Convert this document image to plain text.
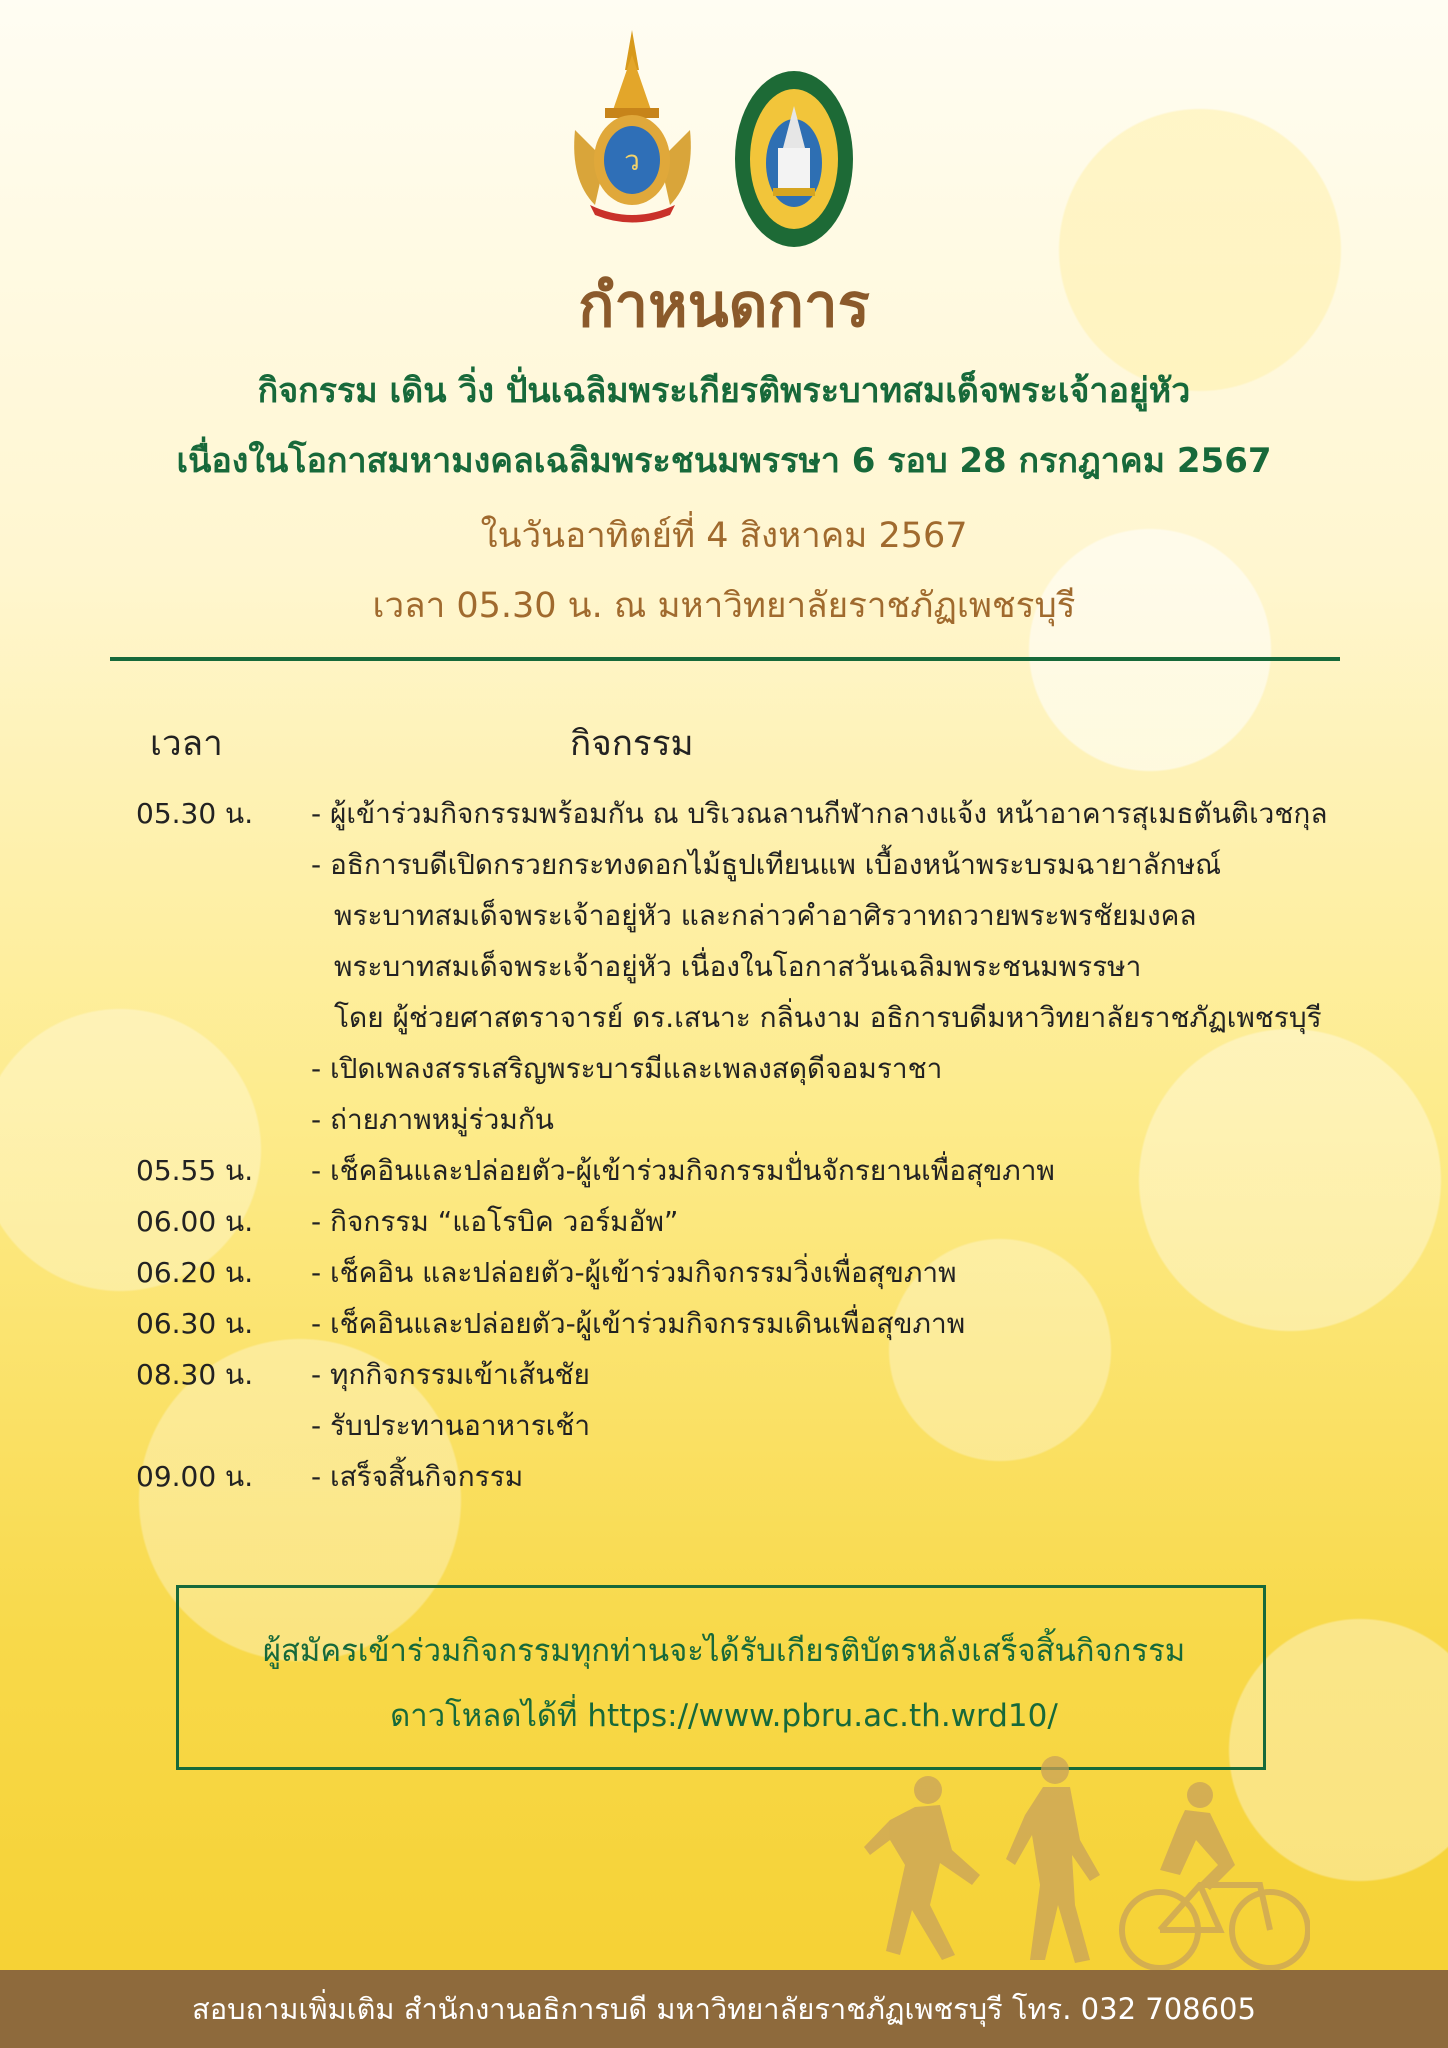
ว
กำหนดการ
กิจกรรม เดิน วิ่ง ปั่นเฉลิมพระเกียรติพระบาทสมเด็จพระเจ้าอยู่หัว
เนื่องในโอกาสมหามงคลเฉลิมพระชนมพรรษา 6 รอบ 28 กรกฎาคม 2567
ในวันอาทิตย์ที่ 4 สิงหาคม 2567
เวลา 05.30 น. ณ มหาวิทยาลัยราชภัฏเพชรบุรี
เวลา	กิจกรรม
05.30 น. - ผู้เข้าร่วมกิจกรรมพร้อมกัน ณ บริเวณลานกีฬากลางแจ้ง หน้าอาคารสุเมธตันติเวชกุล
- อธิการบดีเปิดกรวยกระทงดอกไม้ธูปเทียนแพ เบื้องหน้าพระบรมฉายาลักษณ์
พระบาทสมเด็จพระเจ้าอยู่หัว และกล่าวคำอาศิรวาทถวายพระพรชัยมงคล
พระบาทสมเด็จพระเจ้าอยู่หัว เนื่องในโอกาสวันเฉลิมพระชนมพรรษา
โดย ผู้ช่วยศาสตราจารย์ ดร.เสนาะ กลิ่นงาม อธิการบดีมหาวิทยาลัยราชภัฏเพชรบุรี
- เปิดเพลงสรรเสริญพระบารมีและเพลงสดุดีจอมราชา
- ถ่ายภาพหมู่ร่วมกัน
05.55 น. - เช็คอินและปล่อยตัว-ผู้เข้าร่วมกิจกรรมปั่นจักรยานเพื่อสุขภาพ
06.00 น. - กิจกรรม “แอโรบิค วอร์มอัพ”
06.20 น. - เช็คอิน และปล่อยตัว-ผู้เข้าร่วมกิจกรรมวิ่งเพื่อสุขภาพ
06.30 น. - เช็คอินและปล่อยตัว-ผู้เข้าร่วมกิจกรรมเดินเพื่อสุขภาพ
08.30 น. - ทุกกิจกรรมเข้าเส้นชัย
- รับประทานอาหารเช้า
09.00 น. - เสร็จสิ้นกิจกรรม
ผู้สมัครเข้าร่วมกิจกรรมทุกท่านจะได้รับเกียรติบัตรหลังเสร็จสิ้นกิจกรรม
ดาวโหลดได้ที่ https://www.pbru.ac.th.wrd10/
สอบถามเพิ่มเติม สำนักงานอธิการบดี มหาวิทยาลัยราชภัฏเพชรบุรี โทร. 032 708605
